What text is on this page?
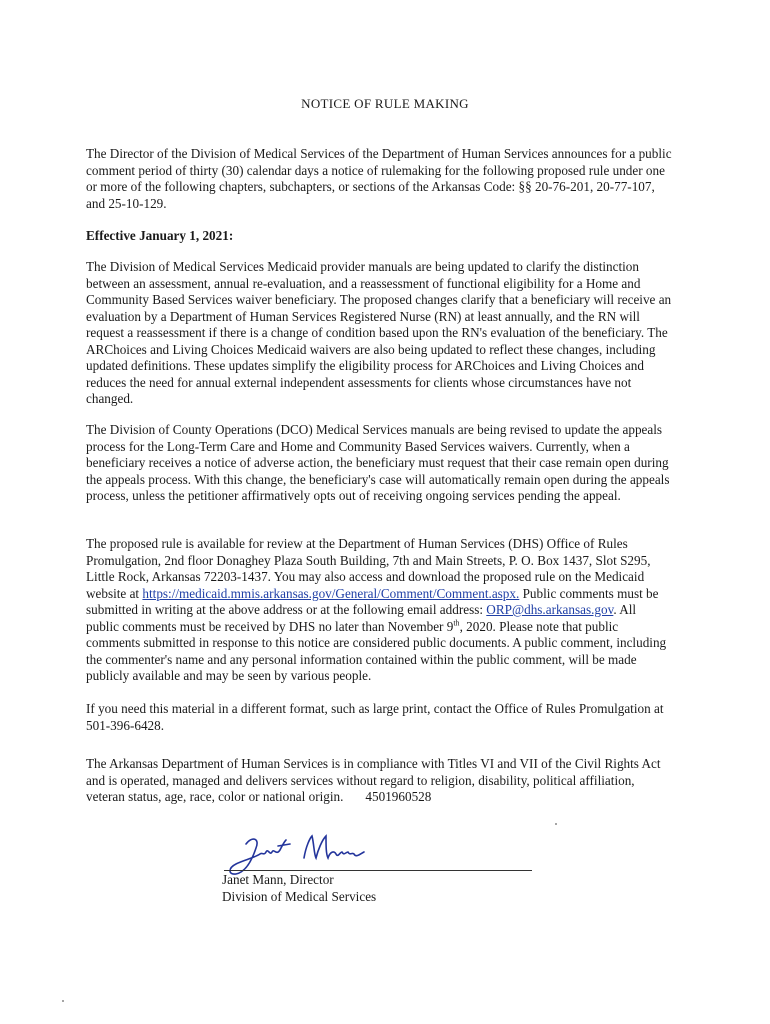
NOTICE OF RULE MAKING
The Director of the Division of Medical Services of the Department of Human Services announces for a public comment period of thirty (30) calendar days a notice of rulemaking for the following proposed rule under one or more of the following chapters, subchapters, or sections of the Arkansas Code: §§ 20-76-201, 20-77-107, and 25-10-129.
Effective January 1, 2021:
The Division of Medical Services Medicaid provider manuals are being updated to clarify the distinction between an assessment, annual re-evaluation, and a reassessment of functional eligibility for a Home and Community Based Services waiver beneficiary. The proposed changes clarify that a beneficiary will receive an evaluation by a Department of Human Services Registered Nurse (RN) at least annually, and the RN will request a reassessment if there is a change of condition based upon the RN's evaluation of the beneficiary. The ARChoices and Living Choices Medicaid waivers are also being updated to reflect these changes, including updated definitions. These updates simplify the eligibility process for ARChoices and Living Choices and reduces the need for annual external independent assessments for clients whose circumstances have not changed.
The Division of County Operations (DCO) Medical Services manuals are being revised to update the appeals process for the Long-Term Care and Home and Community Based Services waivers. Currently, when a beneficiary receives a notice of adverse action, the beneficiary must request that their case remain open during the appeals process. With this change, the beneficiary's case will automatically remain open during the appeals process, unless the petitioner affirmatively opts out of receiving ongoing services pending the appeal.
The proposed rule is available for review at the Department of Human Services (DHS) Office of Rules Promulgation, 2nd floor Donaghey Plaza South Building, 7th and Main Streets, P. O. Box 1437, Slot S295, Little Rock, Arkansas 72203-1437. You may also access and download the proposed rule on the Medicaid website at https://medicaid.mmis.arkansas.gov/General/Comment/Comment.aspx. Public comments must be submitted in writing at the above address or at the following email address: ORP@dhs.arkansas.gov. All public comments must be received by DHS no later than November 9th, 2020. Please note that public comments submitted in response to this notice are considered public documents. A public comment, including the commenter's name and any personal information contained within the public comment, will be made publicly available and may be seen by various people.
If you need this material in a different format, such as large print, contact the Office of Rules Promulgation at 501-396-6428.
The Arkansas Department of Human Services is in compliance with Titles VI and VII of the Civil Rights Act and is operated, managed and delivers services without regard to religion, disability, political affiliation, veteran status, age, race, color or national origin. 4501960528
Janet Mann, Director
Division of Medical Services
